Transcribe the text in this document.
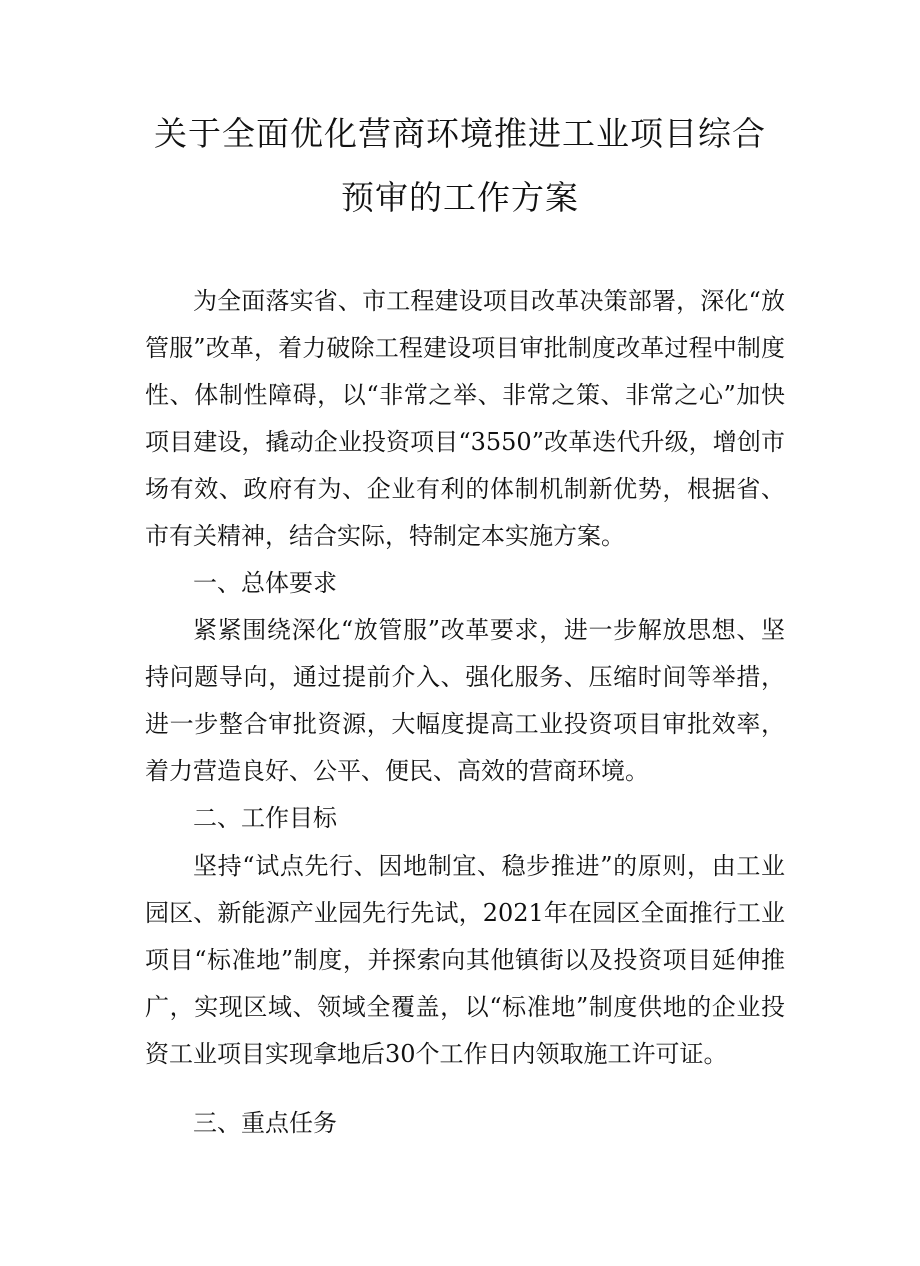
关于全面优化营商环境推进工业项目综合
预审的工作方案

为全面落实省、市工程建设项目改革决策部署，深化“放管服”改革，着力破除工程建设项目审批制度改革过程中制度性、体制性障碍，以“非常之举、非常之策、非常之心”加快项目建设，撬动企业投资项目“3550”改革迭代升级，增创市场有效、政府有为、企业有利的体制机制新优势，根据省、市有关精神，结合实际，特制定本实施方案。

一、总体要求

紧紧围绕深化“放管服”改革要求，进一步解放思想、坚持问题导向，通过提前介入、强化服务、压缩时间等举措，进一步整合审批资源，大幅度提高工业投资项目审批效率，着力营造良好、公平、便民、高效的营商环境。

二、工作目标

坚持“试点先行、因地制宜、稳步推进”的原则，由工业园区、新能源产业园先行先试，2021年在园区全面推行工业项目“标准地”制度，并探索向其他镇街以及投资项目延伸推广，实现区域、领域全覆盖，以“标准地”制度供地的企业投资工业项目实现拿地后30个工作日内领取施工许可证。

三、重点任务
